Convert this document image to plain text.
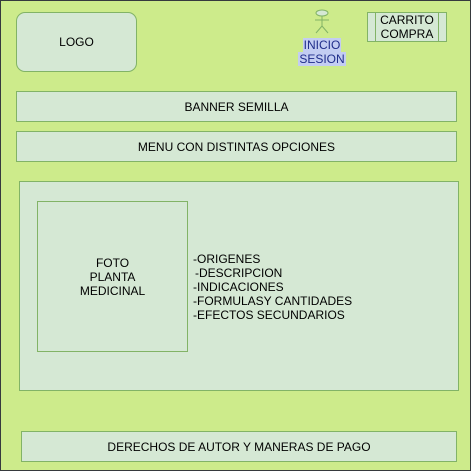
LOGO	INICIO
SESION
CARRITO
COMPRA
BANNER SEMILLA
MENU CON DISTINTAS OPCIONES
FOTO
PLANTA
MEDICINAL
-ORIGENES
-DESCRIPCION
-INDICACIONES
-FORMULASY CANTIDADES
-EFECTOS SECUNDARIOS
DERECHOS DE AUTOR Y MANERAS DE PAGO
